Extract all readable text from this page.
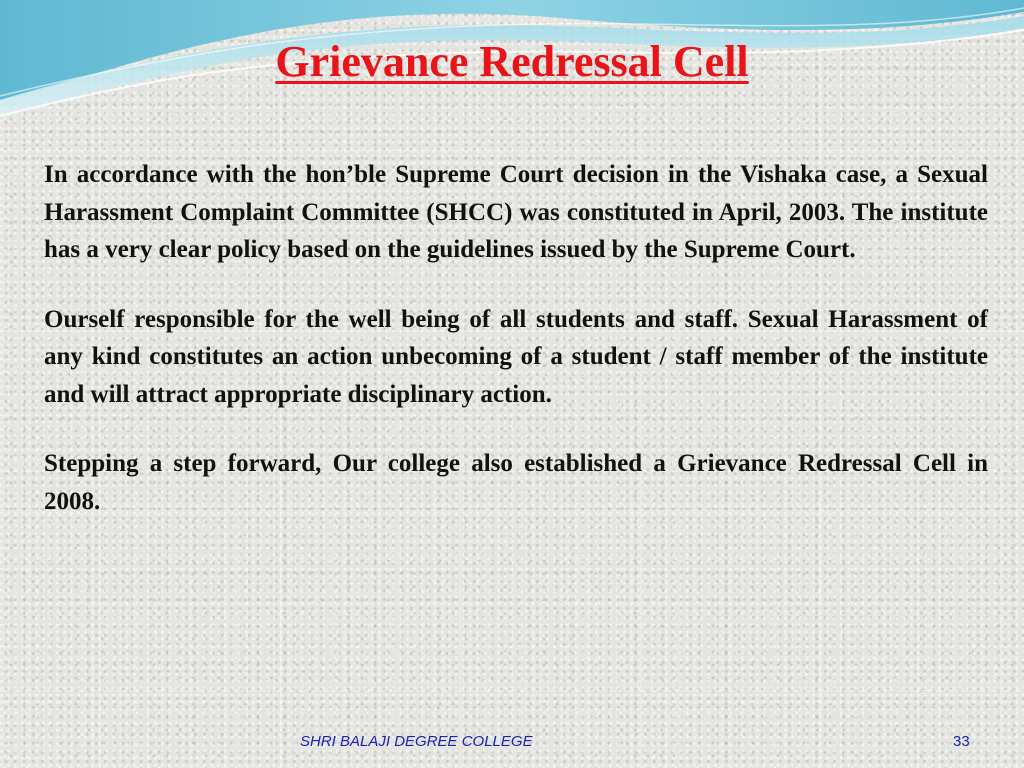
Grievance Redressal Cell

In accordance with the hon’ble Supreme Court decision in the Vishaka case, a Sexual Harassment Complaint Committee (SHCC) was constituted in April, 2003. The institute has a very clear policy based on the guidelines issued by the Supreme Court.

Ourself responsible for the well being of all students and staff. Sexual Harassment of any kind constitutes an action unbecoming of a student / staff member of the institute and will attract appropriate disciplinary action.

Stepping a step forward, Our college also established a Grievance Redressal Cell in 2008.

SHRI BALAJI DEGREE COLLEGE	33
